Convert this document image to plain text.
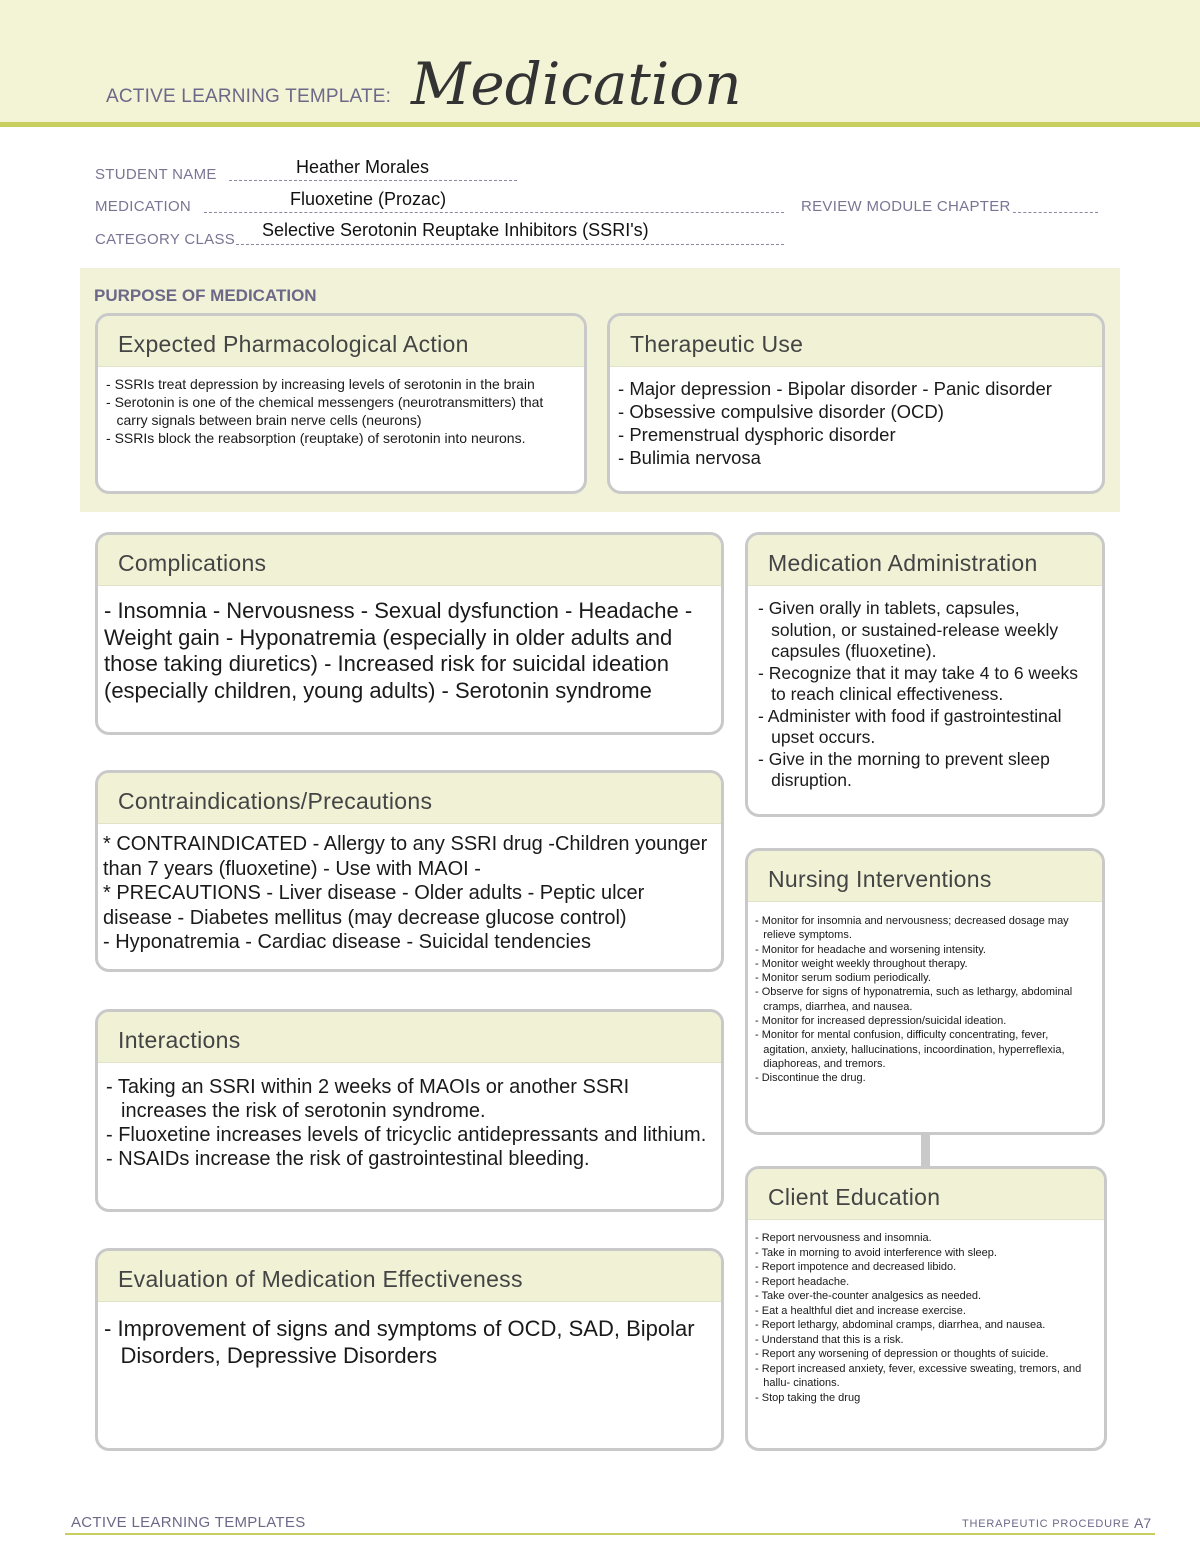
ACTIVE LEARNING TEMPLATE: Medication
STUDENT NAME	Heather Morales
MEDICATION	Fluoxetine (Prozac)	REVIEW MODULE CHAPTER
CATEGORY CLASS Selective Serotonin Reuptake Inhibitors (SSRI's)
PURPOSE OF MEDICATION
Expected Pharmacological Action
- SSRIs treat depression by increasing levels of serotonin in the brain
- Serotonin is one of the chemical messengers (neurotransmitters) that carry signals between brain nerve cells (neurons)
- SSRIs block the reabsorption (reuptake) of serotonin into neurons.
Therapeutic Use
- Major depression - Bipolar disorder - Panic disorder
- Obsessive compulsive disorder (OCD)
- Premenstrual dysphoric disorder
- Bulimia nervosa
Complications
- Insomnia - Nervousness - Sexual dysfunction - Headache - Weight gain - Hyponatremia (especially in older adults and those taking diuretics) - Increased risk for suicidal ideation (especially children, young adults) - Serotonin syndrome
Medication Administration
- Given orally in tablets, capsules, solution, or sustained-release weekly capsules (fluoxetine).
- Recognize that it may take 4 to 6 weeks to reach clinical effectiveness.
- Administer with food if gastrointestinal upset occurs.
- Give in the morning to prevent sleep disruption.
Contraindications/Precautions
* CONTRAINDICATED - Allergy to any SSRI drug -Children younger than 7 years (fluoxetine) - Use with MAOI -
* PRECAUTIONS - Liver disease - Older adults - Peptic ulcer disease - Diabetes mellitus (may decrease glucose control)
- Hyponatremia - Cardiac disease - Suicidal tendencies
Nursing Interventions
- Monitor for insomnia and nervousness; decreased dosage may relieve symptoms.
- Monitor for headache and worsening intensity.
- Monitor weight weekly throughout therapy.
- Monitor serum sodium periodically.
- Observe for signs of hyponatremia, such as lethargy, abdominal cramps, diarrhea, and nausea.
- Monitor for increased depression/suicidal ideation.
- Monitor for mental confusion, difficulty concentrating, fever, agitation, anxiety, hallucinations, incoordination, hyperreflexia, diaphoreas, and tremors.
- Discontinue the drug.
Interactions
- Taking an SSRI within 2 weeks of MAOIs or another SSRI increases the risk of serotonin syndrome.
- Fluoxetine increases levels of tricyclic antidepressants and lithium.
- NSAIDs increase the risk of gastrointestinal bleeding.
Client Education
- Report nervousness and insomnia.
- Take in morning to avoid interference with sleep.
- Report impotence and decreased libido.
- Report headache.
- Take over-the-counter analgesics as needed.
- Eat a healthful diet and increase exercise.
- Report lethargy, abdominal cramps, diarrhea, and nausea.
- Understand that this is a risk.
- Report any worsening of depression or thoughts of suicide.
- Report increased anxiety, fever, excessive sweating, tremors, and hallu- cinations.
- Stop taking the drug
Evaluation of Medication Effectiveness
- Improvement of signs and symptoms of OCD, SAD, Bipolar Disorders, Depressive Disorders
ACTIVE LEARNING TEMPLATES	THERAPEUTIC PROCEDURE A7
